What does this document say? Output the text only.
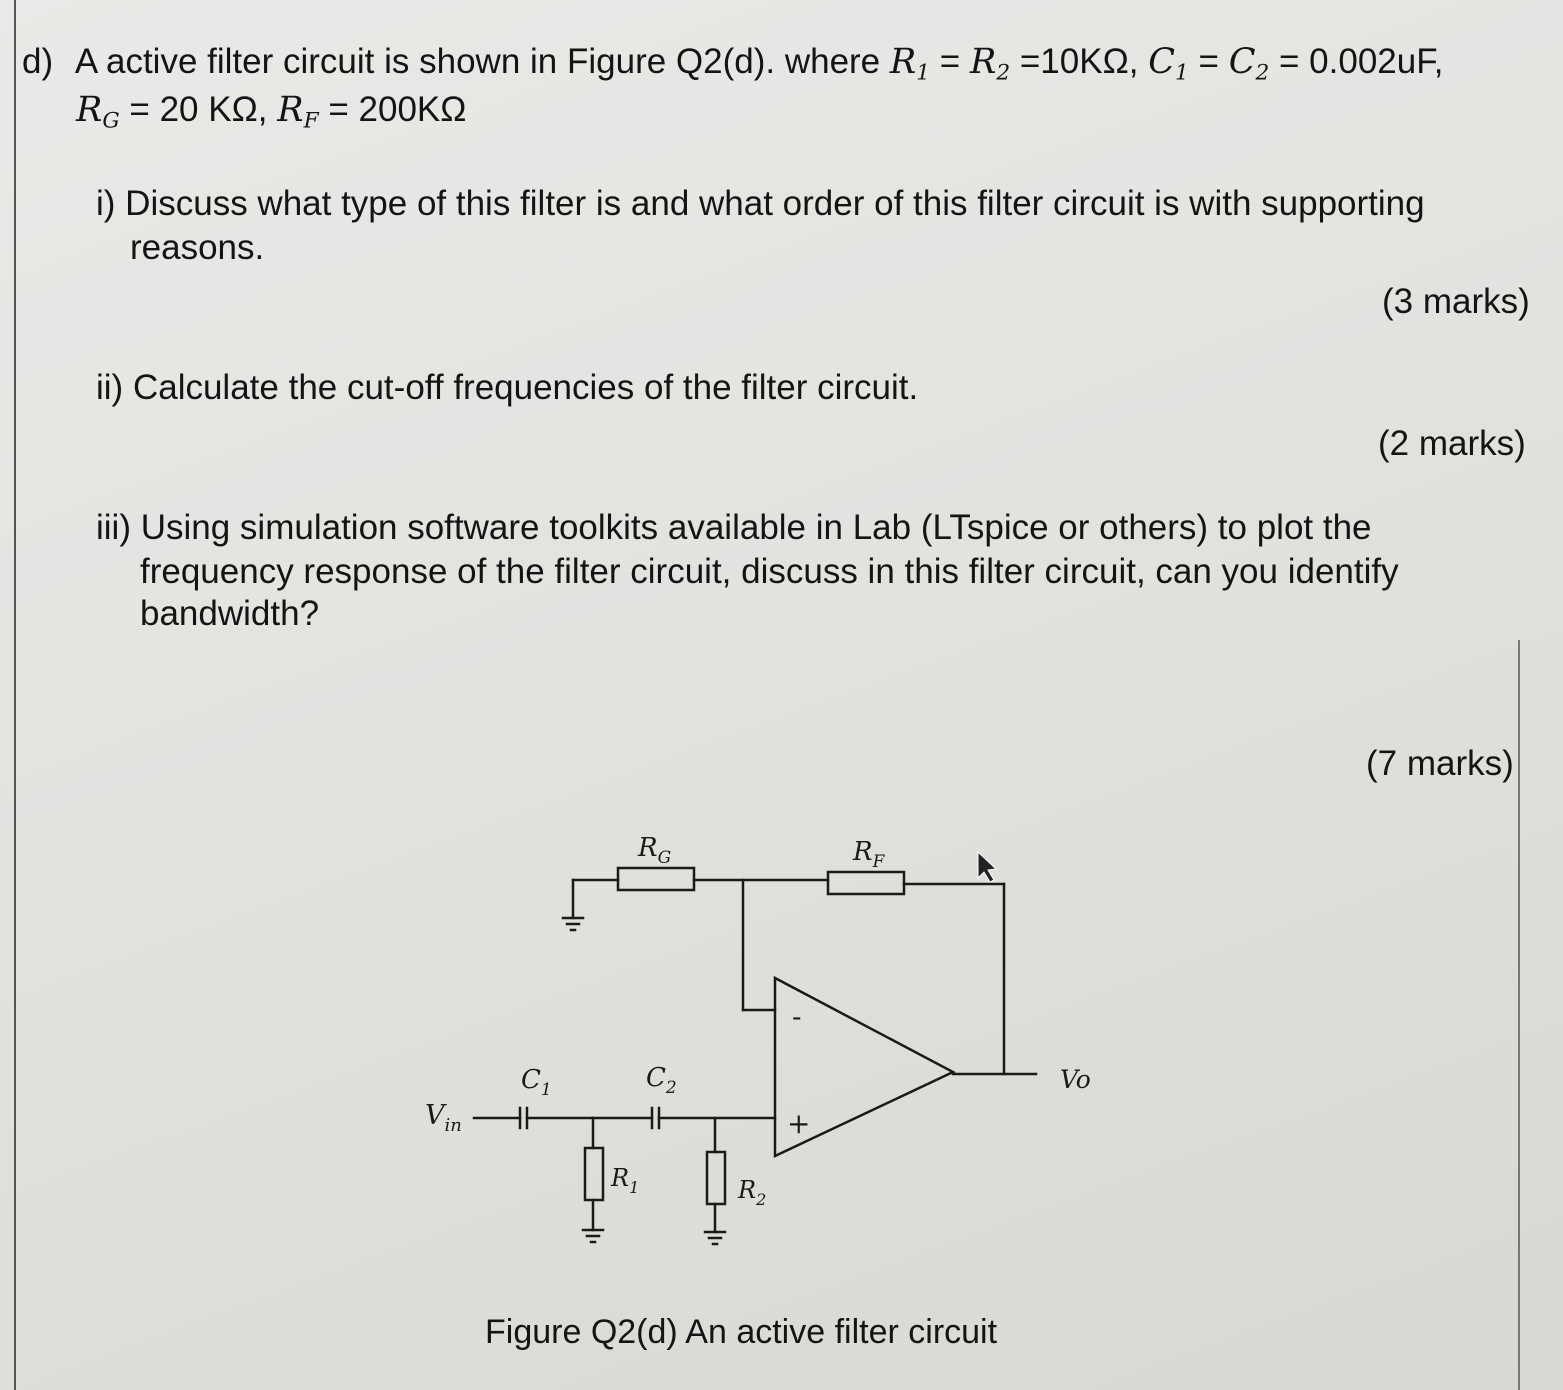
d) A active filter circuit is shown in Figure Q2(d). where $R_1 = R_2 =10K\Omega$, $C_1 = C_2 = 0.002uF$,
$R_G = 20$ KΩ, $R_F = 200K\Omega$
i) Discuss what type of this filter is and what order of this filter circuit is with supporting
reasons.
(3 marks)
ii) Calculate the cut-off frequencies of the filter circuit.
(2 marks)
iii) Using simulation software toolkits available in Lab (LTspice or others) to plot the
frequency response of the filter circuit, discuss in this filter circuit, can you identify
bandwidth?
(7 marks)
-
+
$V_{in}$
$C_1$	$C_2$
$R_1$	$R_2$
$R_G$	$R_F$
Vo
Figure Q2(d) An active filter circuit
